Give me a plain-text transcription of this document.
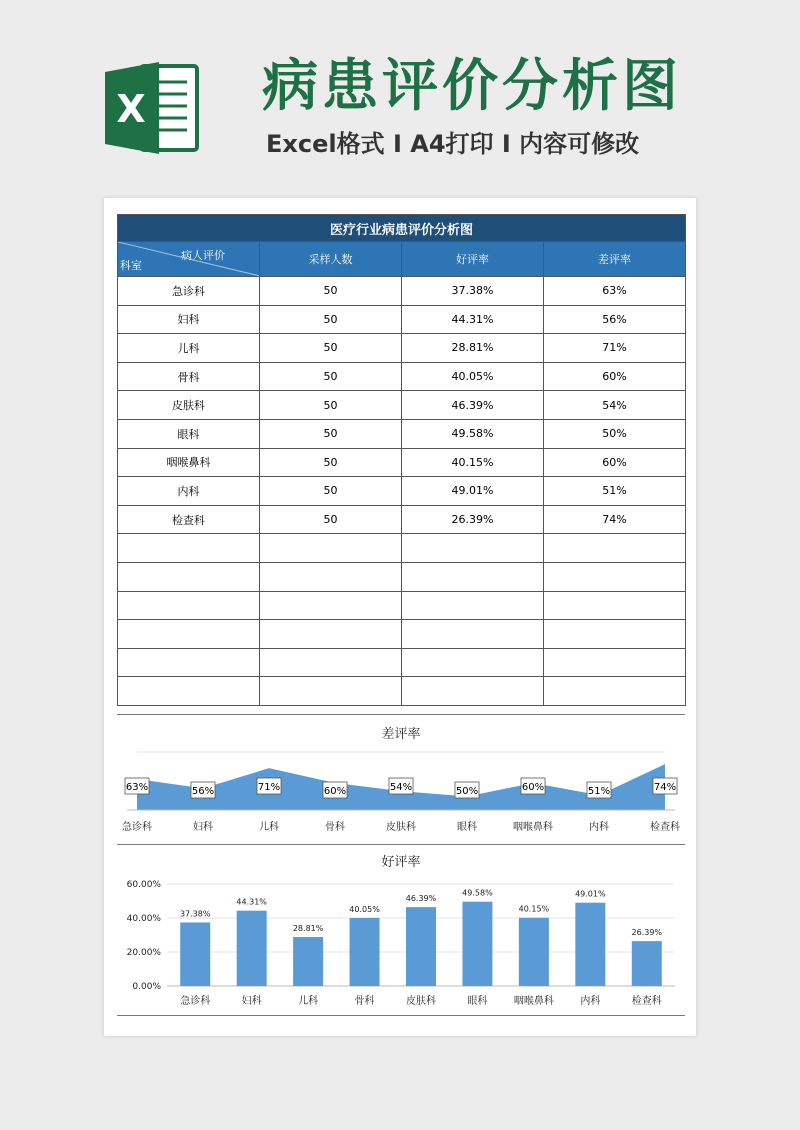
X 病患评价分析图

Excel格式 I A4打印 I 内容可修改

医疗行业病患评价分析图			

病人评价
科室	采样人数	好评率	差评率
急诊科	50	37.38%	63%
妇科	50	44.31%	56%
儿科	50	28.81%	71%
骨科	50	40.05%	60%
皮肤科	50	46.39%	54%
眼科	50	49.58%	50%
咽喉鼻科	50	40.15%	60%
内科	50	49.01%	51%
检查科	50	26.39%	74%

差评率
63%
急诊科
56%
妇科
71%
儿科
60%
骨科
54%
皮肤科
50%
眼科
60%
咽喉鼻科
51%
内科
74%
检查科
好评率
0.00%
20.00%
40.00%
60.00%
37.38%
急诊科
44.31%
妇科
28.81%
儿科
40.05%
骨科
46.39%
皮肤科
49.58%
眼科
40.15%
咽喉鼻科
49.01%
内科
26.39%
检查科
